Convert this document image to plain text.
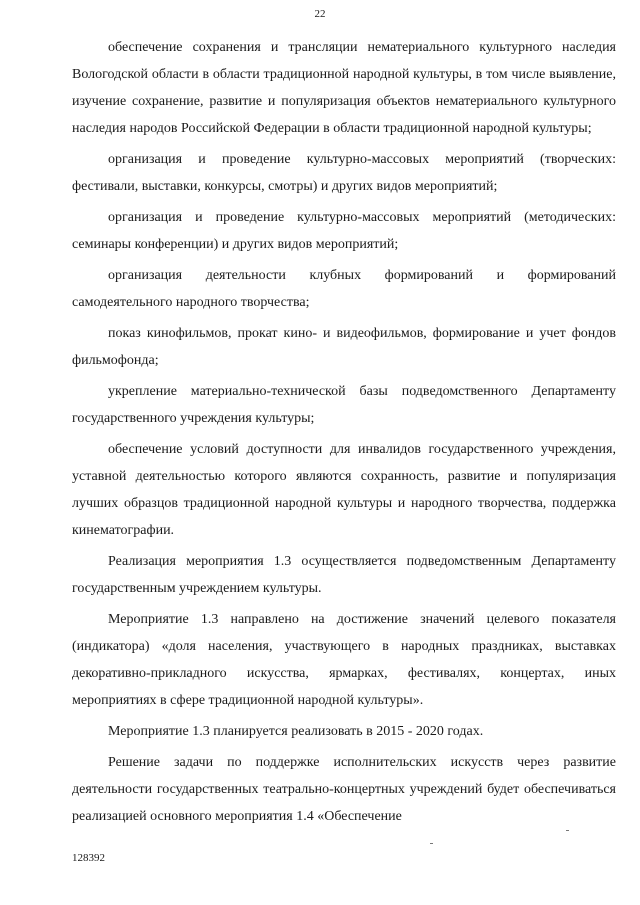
22

обеспечение сохранения и трансляции нематериального культурного наследия Вологодской области в области традиционной народной культуры, в том числе выявление, изучение сохранение, развитие и популяризация объектов нематериального культурного наследия народов Российской Федерации в области традиционной народной культуры;

организация и проведение культурно-массовых мероприятий (творческих: фестивали, выставки, конкурсы, смотры) и других видов мероприятий;

организация и проведение культурно-массовых мероприятий (методических: семинары конференции) и других видов мероприятий;

организация деятельности клубных формирований и формирований самодеятельного народного творчества;

показ кинофильмов, прокат кино- и видеофильмов, формирование и учет фондов фильмофонда;

укрепление материально-технической базы подведомственного Департаменту государственного учреждения культуры;

обеспечение условий доступности для инвалидов государственного учреждения, уставной деятельностью которого являются сохранность, развитие и популяризация лучших образцов традиционной народной культуры и народного творчества, поддержка кинематографии.

Реализация мероприятия 1.3 осуществляется подведомственным Департаменту государственным учреждением культуры.

Мероприятие 1.3 направлено на достижение значений целевого показателя (индикатора) «доля населения, участвующего в народных праздниках, выставках декоративно-прикладного искусства, ярмарках, фестивалях, концертах, иных мероприятиях в сфере традиционной народной культуры».

Мероприятие 1.3 планируется реализовать в 2015 - 2020 годах.

Решение задачи по поддержке исполнительских искусств через развитие деятельности государственных театрально-концертных учреждений будет обеспечиваться реализацией основного мероприятия 1.4 «Обеспечение

128392
